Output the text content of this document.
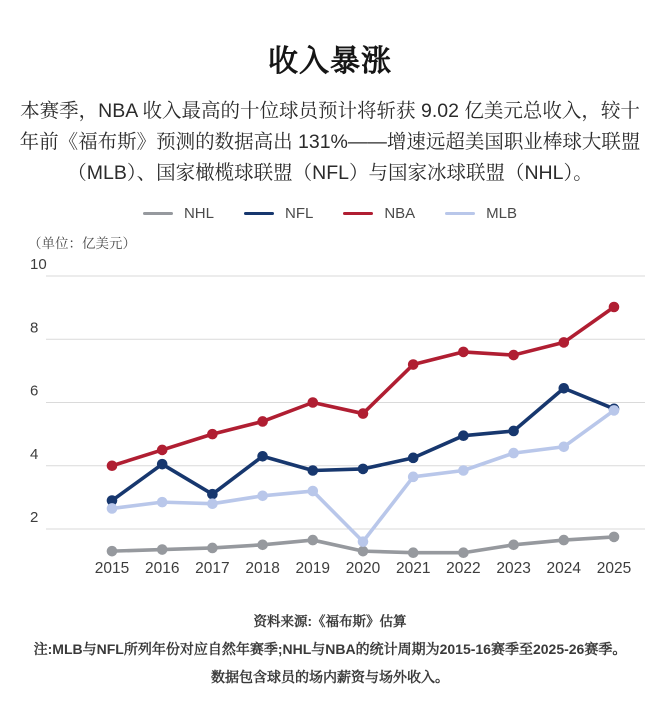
收入暴涨

本赛季，NBA 收入最高的十位球员预计将斩获 9.02 亿美元总收入，较十年前《福布斯》预测的数据高出 131%——增速远超美国职业棒球大联盟（MLB）、国家橄榄球联盟（NFL）与国家冰球联盟（NHL）。

NHL	NFL	NBA	MLB
（单位：亿美元）
10
8
6
4
2
2015 2016 2017 2018 2019 2020 2021 2022 2023 2024 2025

资料来源:《福布斯》估算

注:MLB与NFL所列年份对应自然年赛季;NHL与NBA的统计周期为2015-16赛季至2025-26赛季。

数据包含球员的场内薪资与场外收入。
